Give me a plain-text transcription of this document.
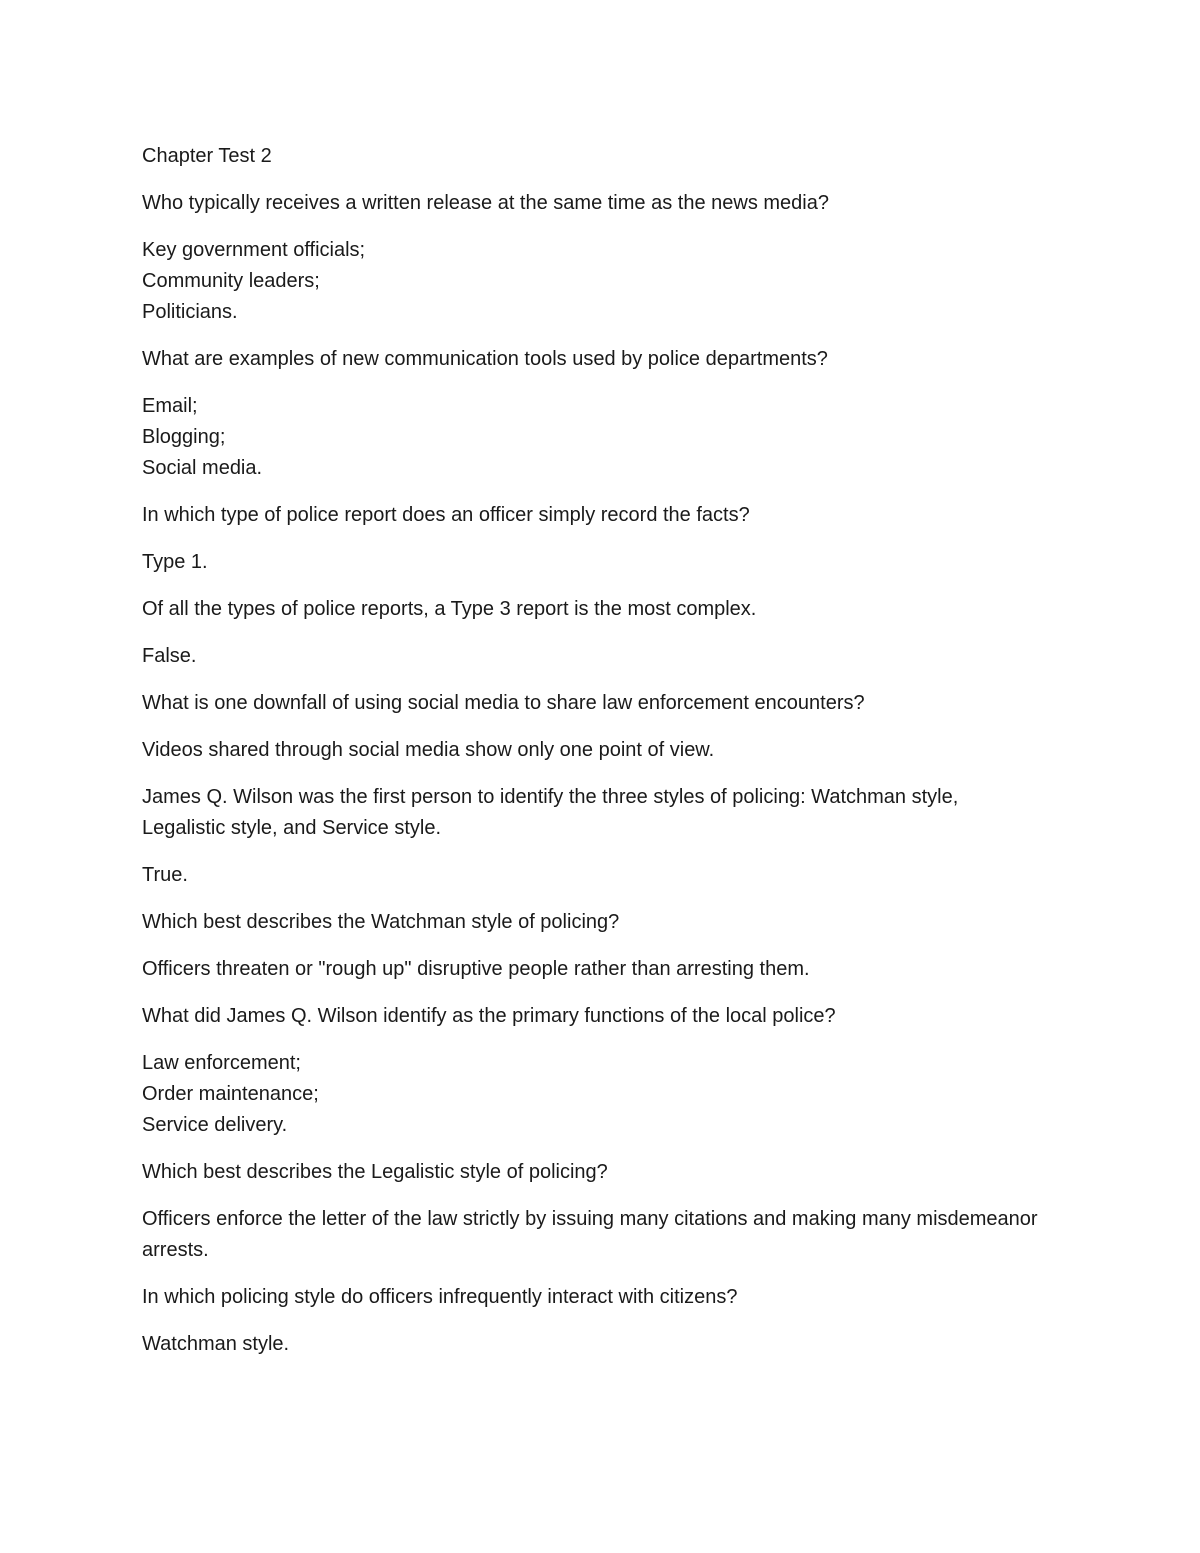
Chapter Test 2

Who typically receives a written release at the same time as the news media?

Key government officials;
Community leaders;
Politicians.

What are examples of new communication tools used by police departments?

Email;
Blogging;
Social media.

In which type of police report does an officer simply record the facts?

Type 1.

Of all the types of police reports, a Type 3 report is the most complex.

False.

What is one downfall of using social media to share law enforcement encounters?

Videos shared through social media show only one point of view.

James Q. Wilson was the first person to identify the three styles of policing: Watchman style, Legalistic style, and Service style.

True.

Which best describes the Watchman style of policing?

Officers threaten or "rough up" disruptive people rather than arresting them.

What did James Q. Wilson identify as the primary functions of the local police?

Law enforcement;
Order maintenance;
Service delivery.

Which best describes the Legalistic style of policing?

Officers enforce the letter of the law strictly by issuing many citations and making many misdemeanor arrests.

In which policing style do officers infrequently interact with citizens?

Watchman style.
